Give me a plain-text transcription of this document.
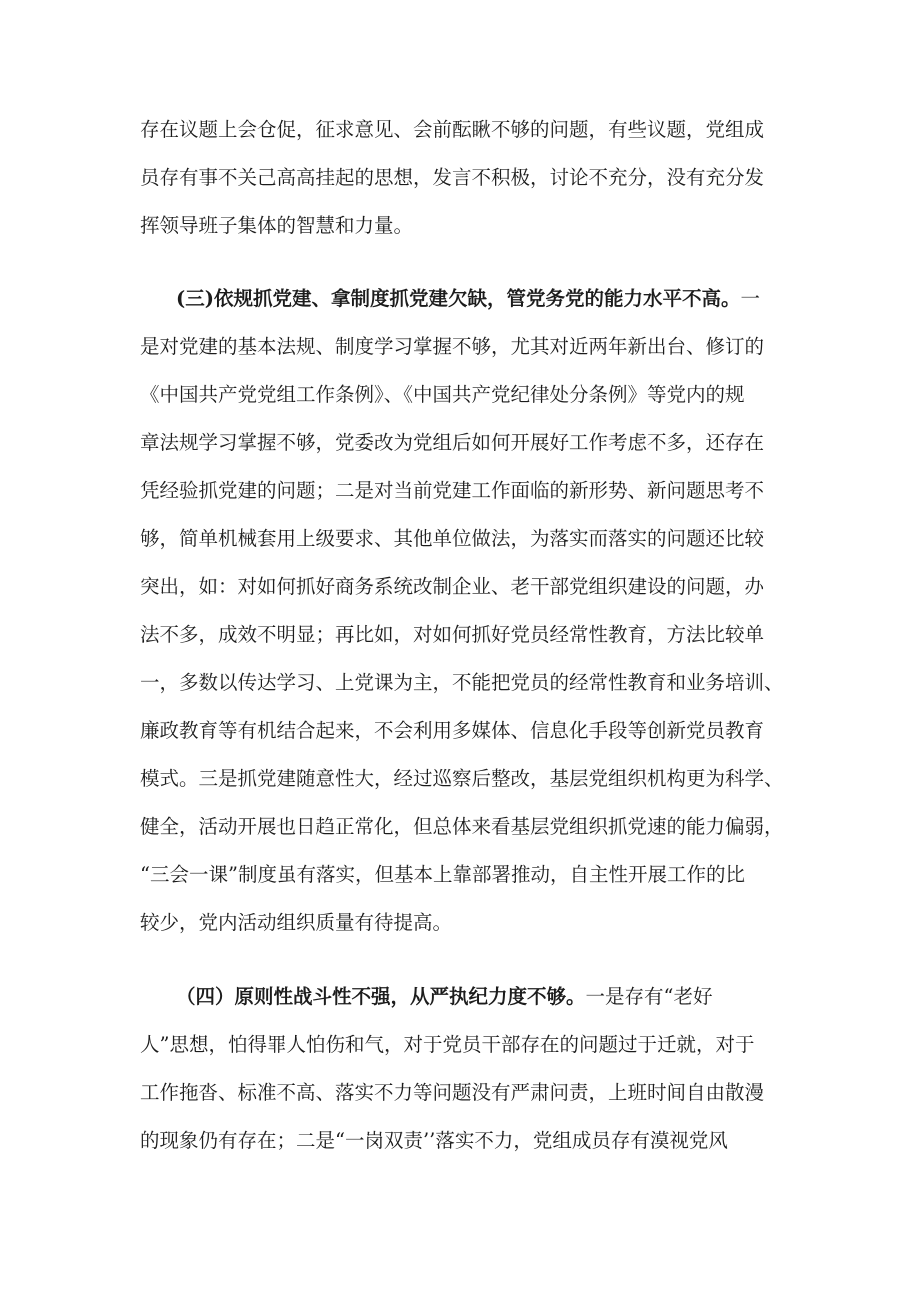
存在议题上会仓促，征求意见、会前酝瞅不够的问题，有些议题，党组成
员存有事不关己高高挂起的思想，发言不积极，讨论不充分，没有充分发
挥领导班子集体的智慧和力量。
(三)依规抓党建、拿制度抓党建欠缺，管党务党的能力水平不高。一
是对党建的基本法规、制度学习掌握不够，尤其对近两年新出台、修订的
《中国共产党党组工作条例》、《中国共产党纪律处分条例》等党内的规
章法规学习掌握不够，党委改为党组后如何开展好工作考虑不多，还存在
凭经验抓党建的问题；二是对当前党建工作面临的新形势、新问题思考不
够，简单机械套用上级要求、其他单位做法，为落实而落实的问题还比较
突出，如：对如何抓好商务系统改制企业、老干部党组织建设的问题，办
法不多，成效不明显；再比如，对如何抓好党员经常性教育，方法比较单
一，多数以传达学习、上党课为主，不能把党员的经常性教育和业务培训、
廉政教育等有机结合起来，不会利用多媒体、信息化手段等创新党员教育
模式。三是抓党建随意性大，经过巡察后整改，基层党组织机构更为科学、
健全，活动开展也日趋正常化，但总体来看基层党组织抓党速的能力偏弱，
“三会一课”制度虽有落实，但基本上靠部署推动，自主性开展工作的比
较少，党内活动组织质量有待提高。
（四）原则性战斗性不强，从严执纪力度不够。一是存有“老好
人”思想，怕得罪人怕伤和气，对于党员干部存在的问题过于迁就，对于
工作拖沓、标准不高、落实不力等问题没有严肃问责，上班时间自由散漫
的现象仍有存在；二是“一岗双责’’落实不力，党组成员存有漠视党风
